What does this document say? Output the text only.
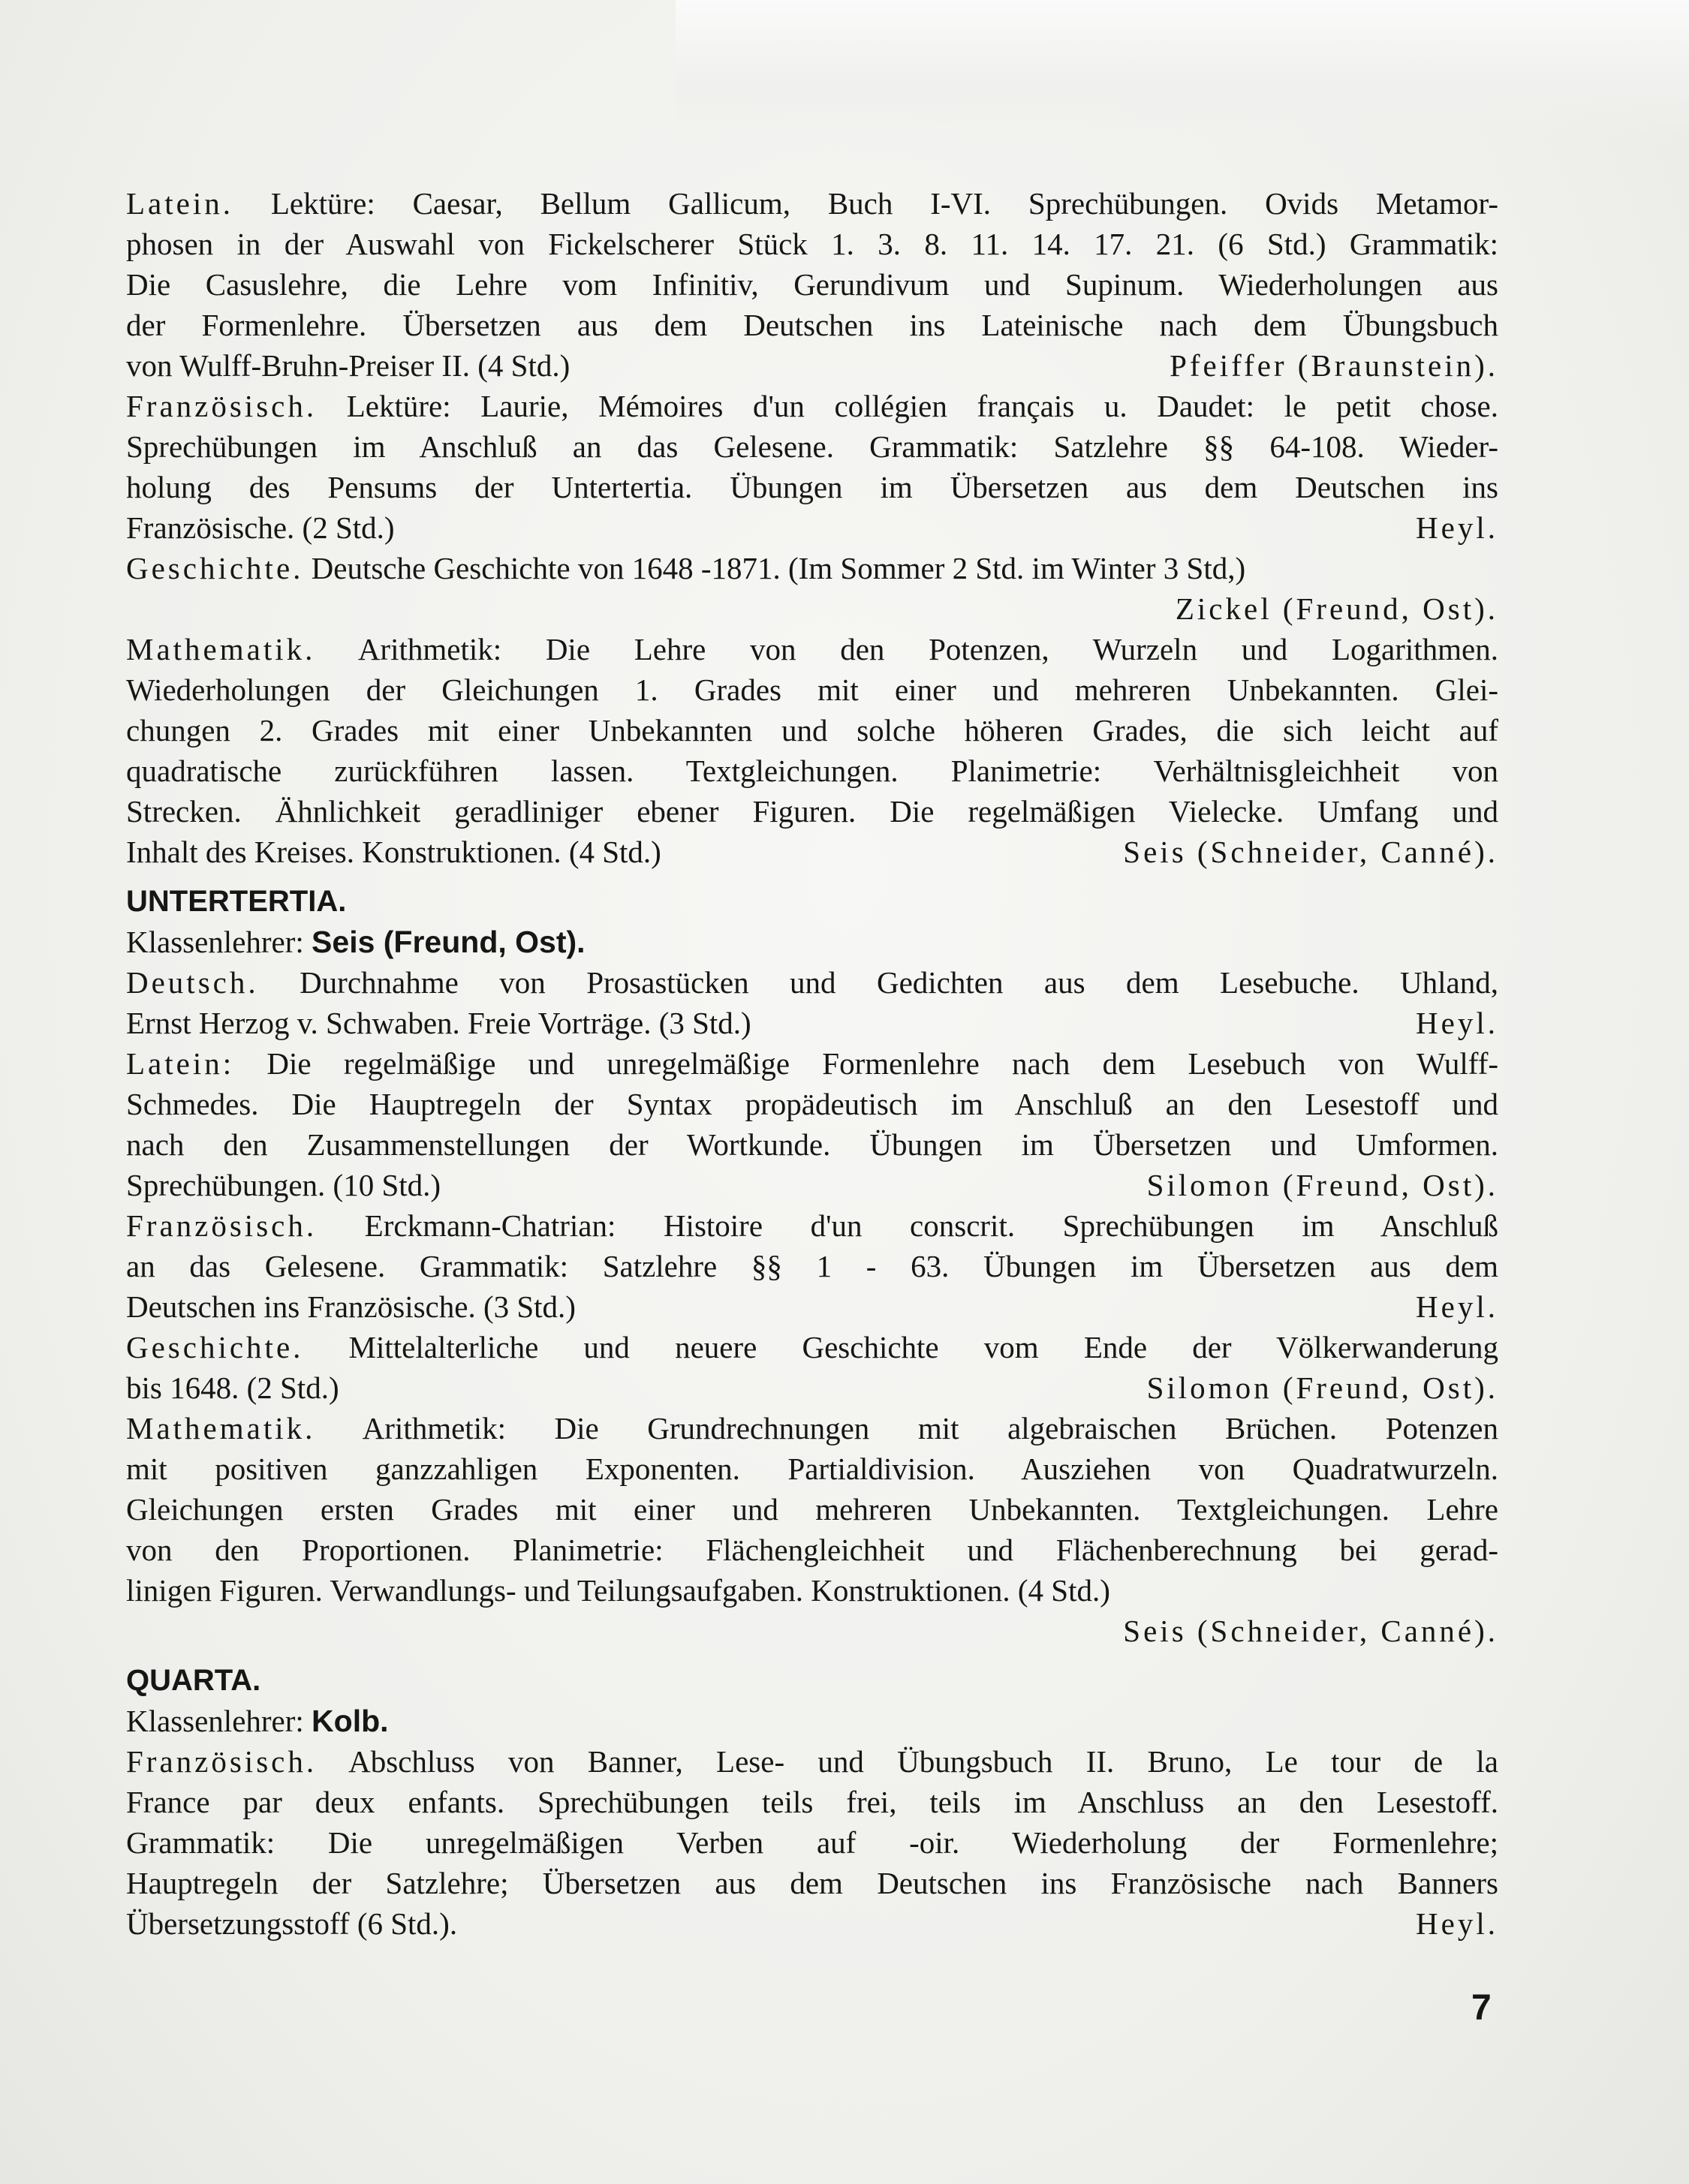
Latein. Lektüre: Caesar, Bellum Gallicum, Buch I-VI. Sprechübungen. Ovids Metamor-
phosen in der Auswahl von Fickelscherer Stück 1. 3. 8. 11. 14. 17. 21. (6 Std.) Grammatik:
Die Casuslehre, die Lehre vom Infinitiv, Gerundivum und Supinum. Wiederholungen aus
der Formenlehre. Übersetzen aus dem Deutschen ins Lateinische nach dem Übungsbuch
von Wulff-Bruhn-Preiser II. (4 Std.)	Pfeiffer (Braunstein).
Französisch. Lektüre: Laurie, Mémoires d'un collégien français u. Daudet: le petit chose.
Sprechübungen im Anschluß an das Gelesene. Grammatik: Satzlehre §§ 64-108. Wieder-
holung des Pensums der Untertertia. Übungen im Übersetzen aus dem Deutschen ins
Französische. (2 Std.)	Heyl.
Geschichte. Deutsche Geschichte von 1648 -1871. (Im Sommer 2 Std. im Winter 3 Std,)
Zickel (Freund, Ost).

Mathematik. Arithmetik: Die Lehre von den Potenzen, Wurzeln und Logarithmen.
Wiederholungen der Gleichungen 1. Grades mit einer und mehreren Unbekannten. Glei-
chungen 2. Grades mit einer Unbekannten und solche höheren Grades, die sich leicht auf
quadratische zurückführen lassen. Textgleichungen. Planimetrie: Verhältnisgleichheit von
Strecken. Ähnlichkeit geradliniger ebener Figuren. Die regelmäßigen Vielecke. Umfang und
Inhalt des Kreises. Konstruktionen. (4 Std.)	Seis (Schneider, Canné).
UNTERTERTIA.
Klassenlehrer: Seis (Freund, Ost).
Deutsch. Durchnahme von Prosastücken und Gedichten aus dem Lesebuche. Uhland,
Ernst Herzog v. Schwaben. Freie Vorträge. (3 Std.)	Heyl.
Latein: Die regelmäßige und unregelmäßige Formenlehre nach dem Lesebuch von Wulff-
Schmedes. Die Hauptregeln der Syntax propädeutisch im Anschluß an den Lesestoff und
nach den Zusammenstellungen der Wortkunde. Übungen im Übersetzen und Umformen.
Sprechübungen. (10 Std.)	Silomon (Freund, Ost).
Französisch. Erckmann-Chatrian: Histoire d'un conscrit. Sprechübungen im Anschluß
an das Gelesene. Grammatik: Satzlehre §§ 1 - 63. Übungen im Übersetzen aus dem
Deutschen ins Französische. (3 Std.)	Heyl.
Geschichte. Mittelalterliche und neuere Geschichte vom Ende der Völkerwanderung
bis 1648. (2 Std.)	Silomon (Freund, Ost).
Mathematik. Arithmetik: Die Grundrechnungen mit algebraischen Brüchen. Potenzen
mit positiven ganzzahligen Exponenten. Partialdivision. Ausziehen von Quadratwurzeln.
Gleichungen ersten Grades mit einer und mehreren Unbekannten. Textgleichungen. Lehre
von den Proportionen. Planimetrie: Flächengleichheit und Flächenberechnung bei gerad-
linigen Figuren. Verwandlungs- und Teilungsaufgaben. Konstruktionen. (4 Std.)
Seis (Schneider, Canné).

QUARTA.
Klassenlehrer: Kolb.
Französisch. Abschluss von Banner, Lese- und Übungsbuch II. Bruno, Le tour de la
France par deux enfants. Sprechübungen teils frei, teils im Anschluss an den Lesestoff.
Grammatik: Die unregelmäßigen Verben auf -oir. Wiederholung der Formenlehre;
Hauptregeln der Satzlehre; Übersetzen aus dem Deutschen ins Französische nach Banners
Übersetzungsstoff (6 Std.).	Heyl.
7
